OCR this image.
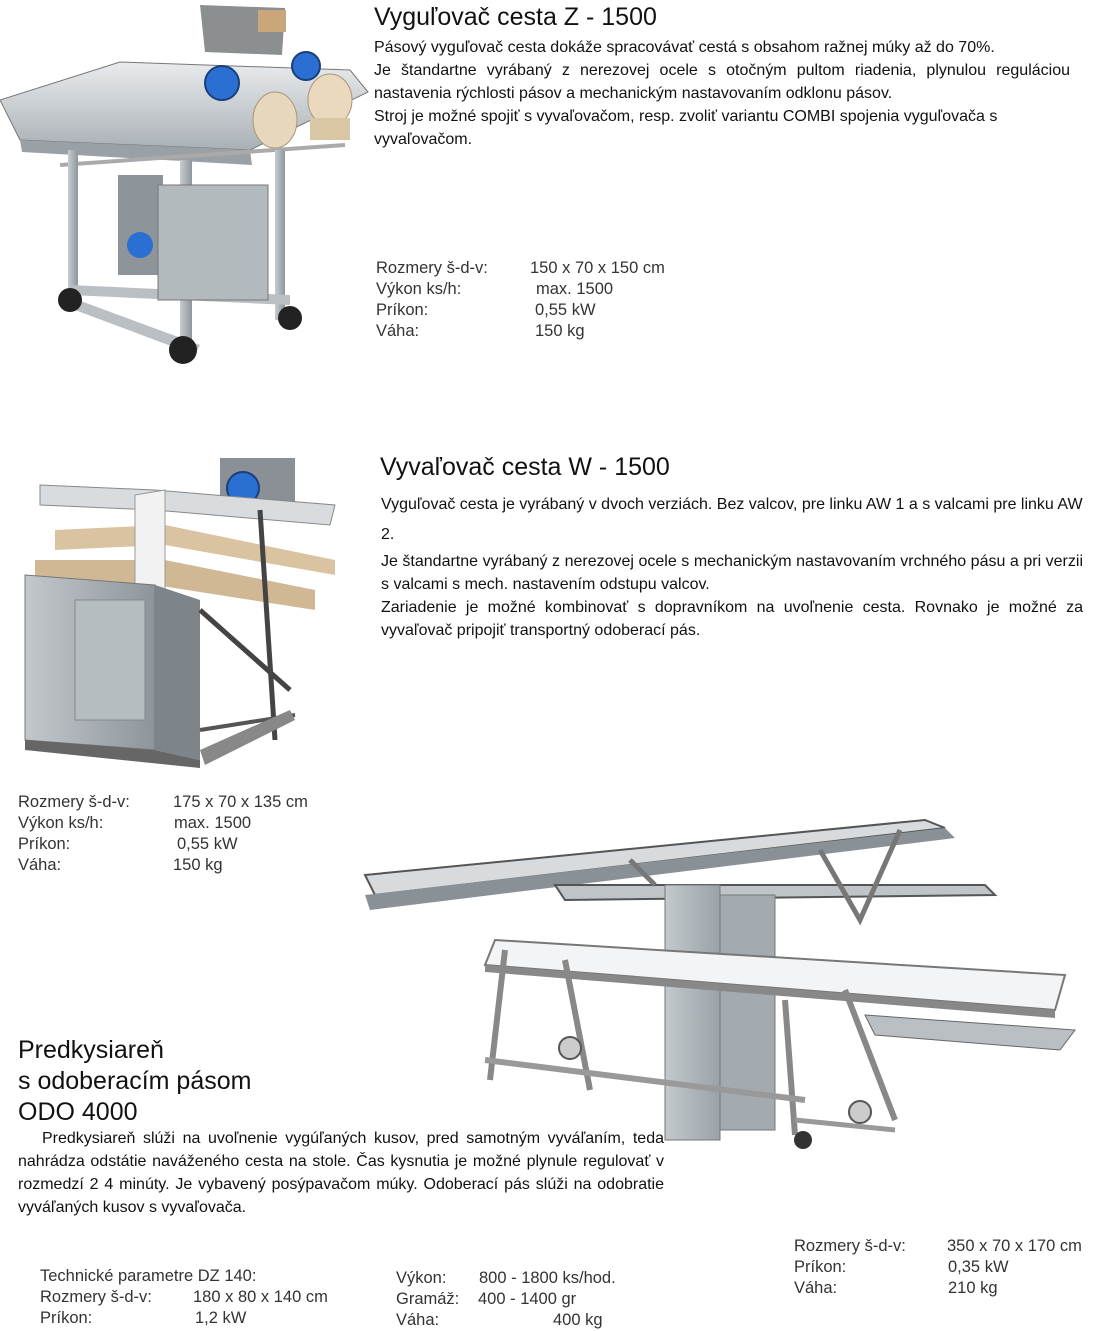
Vyguľovač cesta Z - 1500

Pásový vyguľovač cesta dokáže spracovávať cestá s obsahom ražnej múky až do 70%.

Je štandartne vyrábaný z nerezovej ocele s otočným pultom riadenia, plynulou reguláciou nastavenia rýchlosti pásov a mechanickým nastavovaním odklonu pásov.

Stroj je možné spojiť s vyvaľovačom, resp. zvoliť variantu COMBI spojenia vyguľovača s vyvaľovačom.

Rozmery š-d-v:	150 x 70 x 150 cm
Výkon ks/h:	max. 1500
Príkon:	0,55 kW
Váha:	150 kg
Vyvaľovač cesta W - 1500

Vyguľovač cesta je vyrábaný v dvoch verziách. Bez valcov, pre linku AW 1 a s valcami pre linku AW 2.

Je štandartne vyrábaný z nerezovej ocele s mechanickým nastavovaním vrchného pásu a pri verzii s valcami s mech. nastavením odstupu valcov.

Zariadenie je možné kombinovať s dopravníkom na uvoľnenie cesta. Rovnako je možné za vyvaľovač pripojiť transportný odoberací pás.

Rozmery š-d-v:	175 x 70 x 135 cm
Výkon ks/h:	max. 1500
Príkon:	0,55 kW
Váha:	150 kg
Predkysiareň
s odoberacím pásom
ODO 4000
Predkysiareň slúži na uvoľnenie vygúľaných kusov, pred samotným vyváľaním, teda nahrádza odstátie naváženého cesta na stole. Čas kysnutia je možné plynule regulovať v rozmedzí 2 4 minúty. Je vybavený posýpavačom múky. Odoberací pás slúži na odobratie vyváľaných kusov s vyvaľovača.
Rozmery š-d-v:	350 x 70 x 170 cm
Príkon:	0,35 kW
Váha:	210 kg
Technické parametre DZ 140:
Rozmery š-d-v:	180 x 80 x 140 cm
Príkon:	1,2 kW
Výkon:	800 - 1800 ks/hod.
Gramáž:	400 - 1400 gr
Váha:	400 kg
